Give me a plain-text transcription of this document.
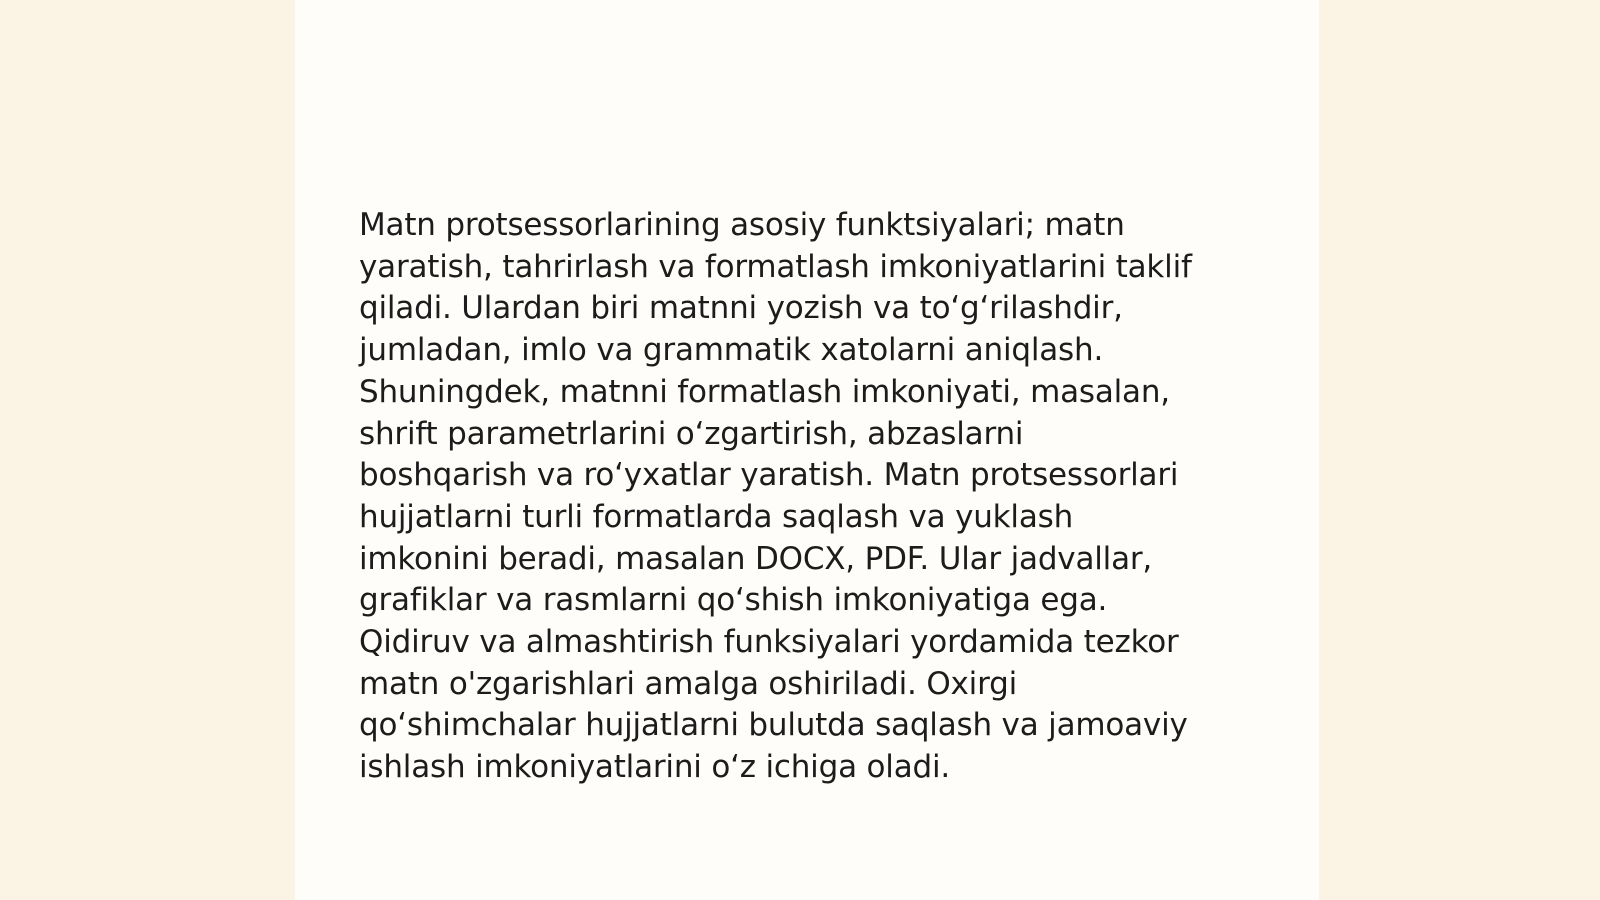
Matn protsessorlarining asosiy funktsiyalari; matn
yaratish, tahrirlash va formatlash imkoniyatlarini taklif
qiladi. Ulardan biri matnni yozish va to‘g‘rilashdir,
jumladan, imlo va grammatik xatolarni aniqlash.
Shuningdek, matnni formatlash imkoniyati, masalan,
shrift parametrlarini o‘zgartirish, abzaslarni
boshqarish va ro‘yxatlar yaratish. Matn protsessorlari
hujjatlarni turli formatlarda saqlash va yuklash
imkonini beradi, masalan DOCX, PDF. Ular jadvallar,
grafiklar va rasmlarni qo‘shish imkoniyatiga ega.
Qidiruv va almashtirish funksiyalari yordamida tezkor
matn o'zgarishlari amalga oshiriladi. Oxirgi
qo‘shimchalar hujjatlarni bulutda saqlash va jamoaviy
ishlash imkoniyatlarini o‘z ichiga oladi.
